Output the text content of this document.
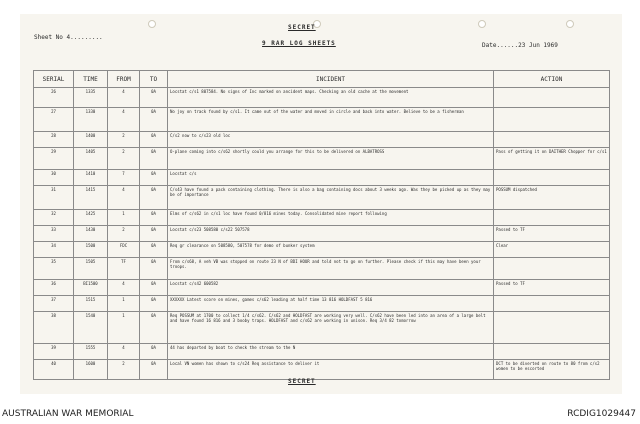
SECRET
Sheet No 4.........
9 RAR LOG SHEETS	Date......23 Jun 1969
SERIAL	TIME	FROM	TO	INCIDENT	ACTION
26	1335	4	0A	Locstat c/s1 807584. No signs of Inc marked on ancident maps. Checking an old cache at the movement	
27	1330	4	0A	No joy on track found by c/s1. It came out of the water and moved in circle and back into water. Believe to be a fisherman	
28	1400	2	0A	C/s2 now to c/s23 old loc	
29	1405	2	0A	O-plane coming into c/s62 shortly could you arrange for this to be delivered on ALBATROSS	Pass of getting it on DAITHER Chopper for c/s1
30	1410	7	0A	Locstat c/s	
31	1415	4	0A	C/s43 have found a pack containing clothing. There is also a bag containing docs about 3 weeks ago. Was they be picked up as they may be of importance	POSSUM dispatched
32	1425	1	0A	Elms of c/s62 in c/s1 loc have found 0/816 mines today. Consolidated mine report following	
33	1430	2	0A	Locstat c/s23 508580 c/s22 507578	Passed to TF
34	1500	FDC	0A	Req gr clearance on 508580, 507578 for demo of bunker system	Clear
35	1505	TF	0A	From c/s68, A veh VB was stopped on route 23 N of BDI HOUR and told not to go on further. Please check if this may have been your troops.	
36	BI1500	4	0A	Locstat c/s42 600582	Passed to TF
37	1515	1	0A	XXXXXX Latest score on mines, games c/s62 leading at half time 13 816 HOLDFAST 5 816	
38	1540	1	0A	Req POSSUM at 1700 to collect 1/4 c/s62. C/s62 and HOLDFAST are working very well. C/s62 have been led into an area of a large belt and have found 16 816 and 3 booby traps. HOLDFAST and c/s62 are working in unison. Req 3/4 82 tomorrow	
39	1555	4	0A	44 has departed by boat to check the stream to the N	
40	1600	2	0A	Local VN women has shown to c/s24 Req assistance to deliver it	DCT to be diverted on route to 80 from c/s2 women to be escorted
SECRET
AUSTRALIAN WAR MEMORIAL	RCDIG1029447
